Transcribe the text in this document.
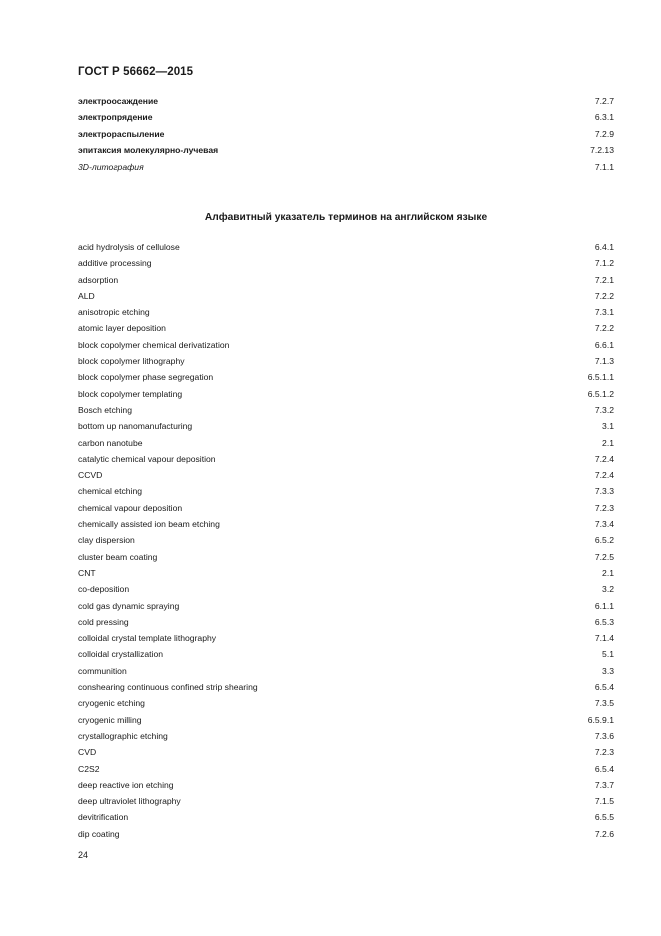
ГОСТ Р 56662—2015
электроосаждение	7.2.7
электропрядение	6.3.1
электрораспыление	7.2.9
эпитаксия молекулярно-лучевая	7.2.13
3D-литография	7.1.1
Алфавитный указатель терминов на английском языке
acid hydrolysis of cellulose	6.4.1
additive processing	7.1.2
adsorption	7.2.1
ALD	7.2.2
anisotropic etching	7.3.1
atomic layer deposition	7.2.2
block copolymer chemical derivatization	6.6.1
block copolymer lithography	7.1.3
block copolymer phase segregation	6.5.1.1
block copolymer templating	6.5.1.2
Bosch etching	7.3.2
bottom up nanomanufacturing	3.1
carbon nanotube	2.1
catalytic chemical vapour deposition	7.2.4
CCVD	7.2.4
chemical etching	7.3.3
chemical vapour deposition	7.2.3
chemically assisted ion beam etching	7.3.4
clay dispersion	6.5.2
cluster beam coating	7.2.5
CNT	2.1
co-deposition	3.2
cold gas dynamic spraying	6.1.1
cold pressing	6.5.3
colloidal crystal template lithography	7.1.4
colloidal crystallization	5.1
communition	3.3
conshearing continuous confined strip shearing	6.5.4
cryogenic etching	7.3.5
cryogenic milling	6.5.9.1
crystallographic etching	7.3.6
CVD	7.2.3
C2S2	6.5.4
deep reactive ion etching	7.3.7
deep ultraviolet lithography	7.1.5
devitrification	6.5.5
dip coating	7.2.6
24
